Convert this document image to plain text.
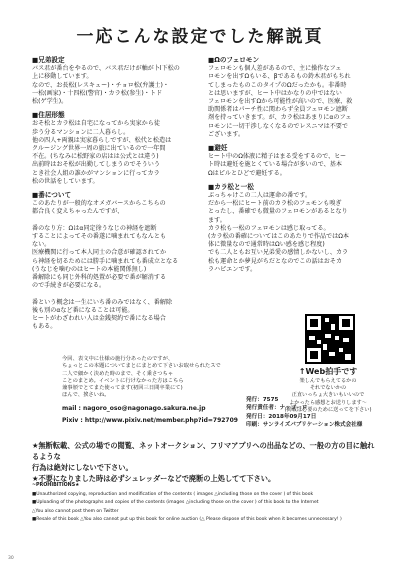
一応こんな設定でした解説頁
■兄弟設定

バス君が番台をやるので、バス君だけが軸が卜l下松の

上に移動しています。

なので、お長松(レスキュー)・チョロ松(弁護士)・

一松(画家)・十四松(警官)・カラ松(参生)・トド

松(ゲ学生)。

■住居形態

おそ松とカラ松は自宅になってから実家から徒

歩う分るマンションに二人暮らし。

他の四人+両親は実家暮らしですが、松代と松造は

クルージング世界一周の旅に出ているので一年間

不在。(ちなみに松野家の店はは公式とは違う)

出前時はおそ松が出勤してしまうのでそういう

とき社会人組の誰かがマンションに行ってカラ

松の世話をしています。

■番について

このあたりが一般的なオメガバースからこちらの

都合良く変えちゃったんですが、

番のなり方：Ωはα同定徐うなじの神経を遮断

することによってその番遂に噛まれてもなんとも

ない。

医療機関に行って本人同士の合意が確認されてか

ら神経を切るためには勝手に噛まれても番成立となる

(うなじを噛むのはヒートの本能関係無し)

番解除にも同じ外科的処置が必要で番が解消する

ので手続きが必要になる。

番という概念は一生にいち番のみではなく、番解除

後も別のαなど番になることは可能。

ヒートがわざわれい人は金銭契約で番になる場合

もある。

■Ωのフェロモン

フェロモンも個人差があるので、主に操作なフェ

ロモンを出すΩもいる、βであるもの鈴木君がもちれ

てしまったものこのタイプのΩだったかも。非番時

とは思いますが、ヒート中はかなりの中ではない

フェロモンを出すΩから可能性が高いので、医療、救

助関係者はパーチ性に関わらず全員フェロモン遮断

剤を持っていきます。が、カラ松はあまりにαのフェ

ロモンに一切干渉しなくなるのでレスニマは不要で

ございます。

■避妊

ヒート中のΩ体液に精子はまる受をするので、ヒー

ト時は避妊を施とくている場合が多いので、基本

Ωはピルとひどで避妊する。

■カラ松と一松

ぶっちゃけこの二人は運命の番です。

だから一松にヒート前のカラ松のフェモンも嗅ぎ

とったし、番確でも微量のフェロモンがあるとなり

ます。

カラ松も一松のフェロモンは感じ取ってる。

(カラ松の番確についてはこのあたりで作品ではΩ本

体に微量なので通常時はΩい感を感じ程度)

でも二人ともお互い兄弟愛の感情しかないし、カラ

松も運命とか夢見がちだとなのでこの話はおそカ

ラハピエンです。

今回、表文中に仕様の施行分あったのですが、

ちょっとこの本題についてまとにまとめて下さいお取せられたスで

二人で細かく決めた時のまで、そく乗さつちゃ

ことのまとめ。イベントに行けなかった方はこちら

兼事頒でとてまた使ってます(初回三日間卒業にて)

ほんで、挨さいね。

mail : nagoro_oso@nagonago.sakura.ne.jp
Pixiv : http://www.pixiv.net/member.php?id=792709
↑Web拍手です

楽しんでもらえてるかの

それでないかの

正直いっちょ大きいもいいので

よかったら感想とお送りします～

(掲載は必要のために送ってを下さい)

発行：7575

発行責任者：ナッゴーロ

発行日：2018年09月17日

印刷：サンライズパブリケーション株式会社様

★無断転載、公式の場での閲覧、ネットオークション、フリマアプリへの出品などの、一般の方の目に触れるような

行為は絶対にしないで下さい。

★不要になりました時は必ずシュレッダーなどで廃断の上処してて下さい。

~PROHIBITIONS★

■Unauthorized copying, reproduction and modification of the contents ( images △including those on the cover ) of this book

■Uploading of the photographs and copies of the contents (images △including those on the cover ) of this book to the Internet

△You also cannot post them on Twitter

■Resale of this book △You also cannot put up this book for online auction (△ Please dispose of this book when it becomes unnecessary! )

30
